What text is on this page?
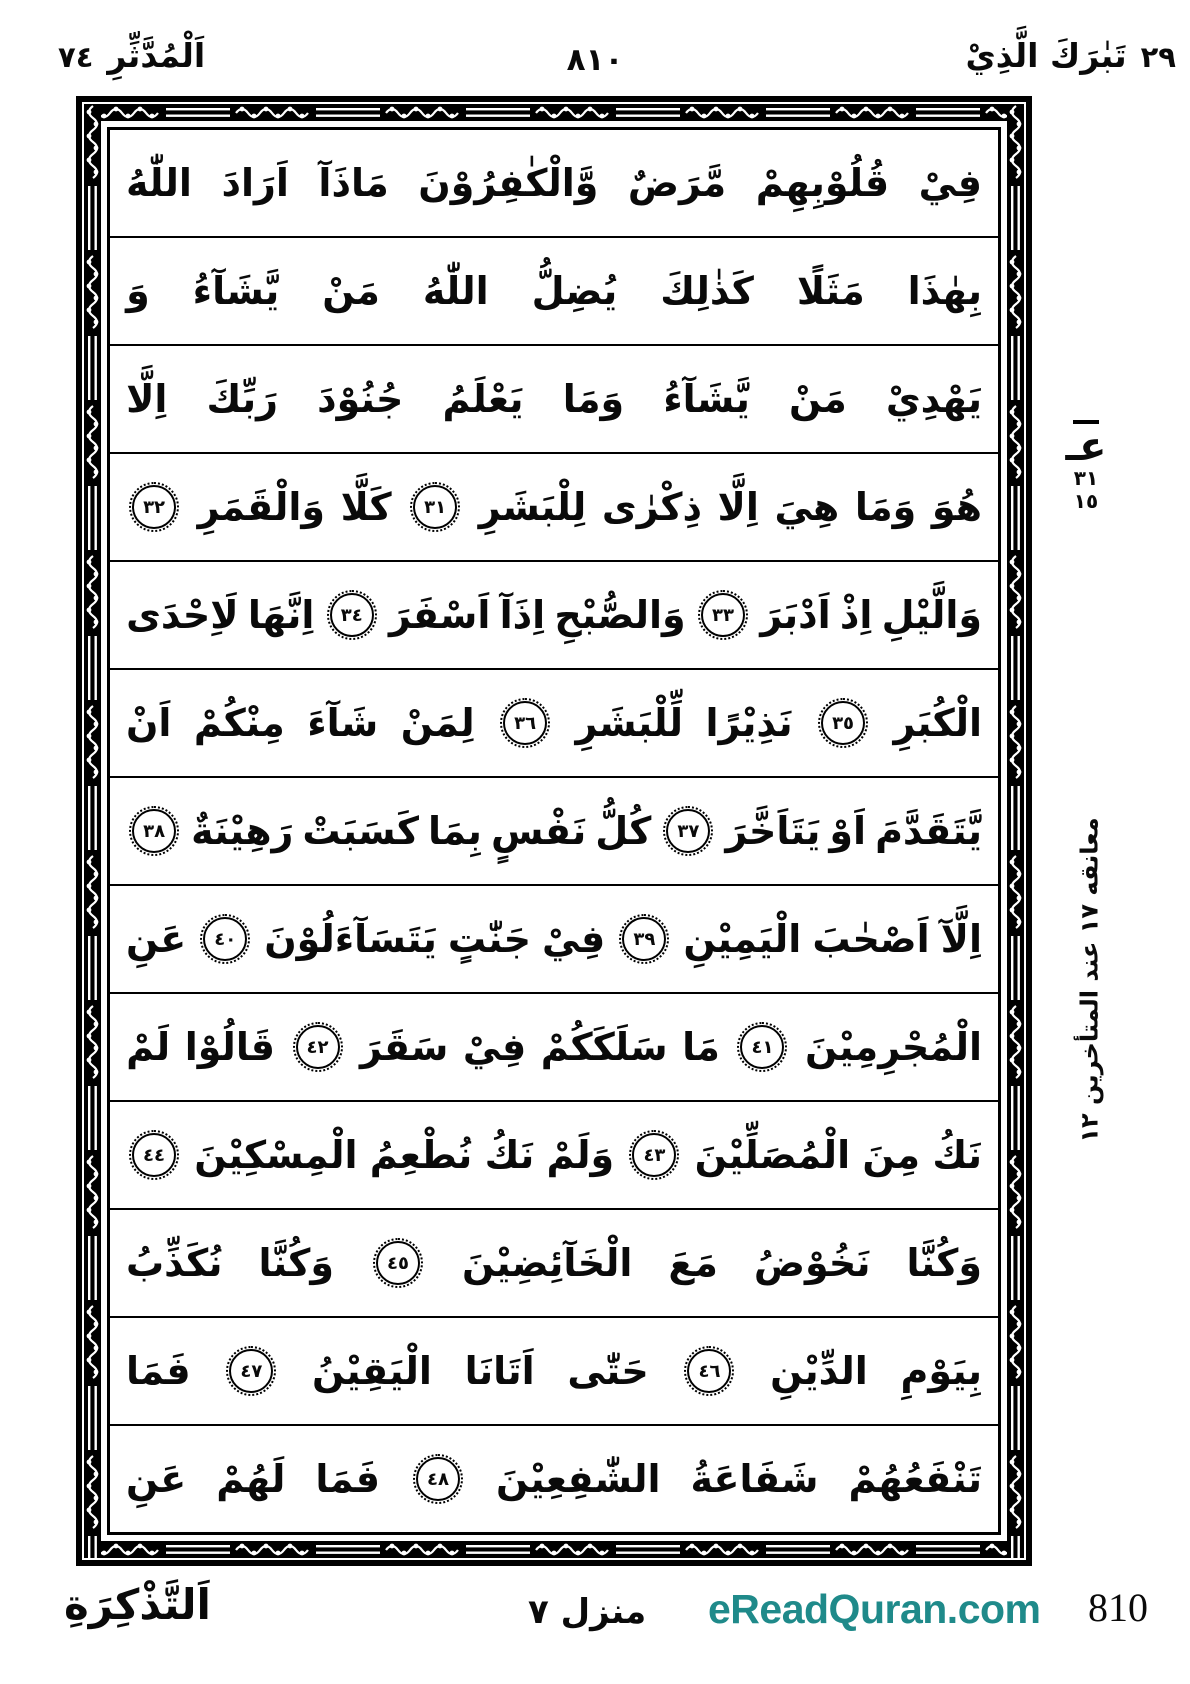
٧٤ اَلْمُدَّثِّرِ	٨١٠	تَبٰرَكَ الَّذِيْ ٢٩
فِيْ
قُلُوْبِهِمْ
مَّرَضٌ
وَّالْكٰفِرُوْنَ
مَاذَآ
اَرَادَ
اللّٰهُ
بِهٰذَا
مَثَلًا
كَذٰلِكَ
يُضِلُّ
اللّٰهُ
مَنْ
يَّشَآءُ
وَ
يَهْدِيْ
مَنْ
يَّشَآءُ
وَمَا
يَعْلَمُ
جُنُوْدَ
رَبِّكَ
اِلَّا
هُوَ
وَمَا
هِيَ
اِلَّا
ذِكْرٰى
لِلْبَشَرِ
٣١
كَلَّا
وَالْقَمَرِ
٣٢
وَالَّيْلِ
اِذْ
اَدْبَرَ
٣٣
وَالصُّبْحِ
اِذَآ
اَسْفَرَ
٣٤
اِنَّهَا
لَاِحْدَى
الْكُبَرِ
٣٥
نَذِيْرًا
لِّلْبَشَرِ
٣٦
لِمَنْ
شَآءَ
مِنْكُمْ
اَنْ
يَّتَقَدَّمَ
اَوْ
يَتَاَخَّرَ
٣٧
كُلُّ
نَفْسٍ
بِمَا
كَسَبَتْ
رَهِيْنَةٌ
٣٨
اِلَّآ
اَصْحٰبَ
الْيَمِيْنِ
٣٩
فِيْ
جَنّٰتٍ
يَتَسَآءَلُوْنَ
٤٠
عَنِ
الْمُجْرِمِيْنَ
٤١
مَا
سَلَكَكُمْ
فِيْ
سَقَرَ
٤٢
قَالُوْا
لَمْ
نَكُ
مِنَ
الْمُصَلِّيْنَ
٤٣
وَلَمْ
نَكُ
نُطْعِمُ
الْمِسْكِيْنَ
٤٤
وَكُنَّا
نَخُوْضُ
مَعَ
الْخَآئِضِيْنَ
٤٥
وَكُنَّا
نُكَذِّبُ
بِيَوْمِ
الدِّيْنِ
٤٦
حَتّٰى
اَتَانَا
الْيَقِيْنُ
٤٧
فَمَا
تَنْفَعُهُمْ
شَفَاعَةُ
الشّٰفِعِيْنَ
٤٨
فَمَا
لَهُمْ
عَنِ
عـ
٣١
١٥
معانقه ١٧ عند المتأخرين ١٢
اَلتَّذْكِرَةِ	منزل ٧ eReadQuran.com 810
